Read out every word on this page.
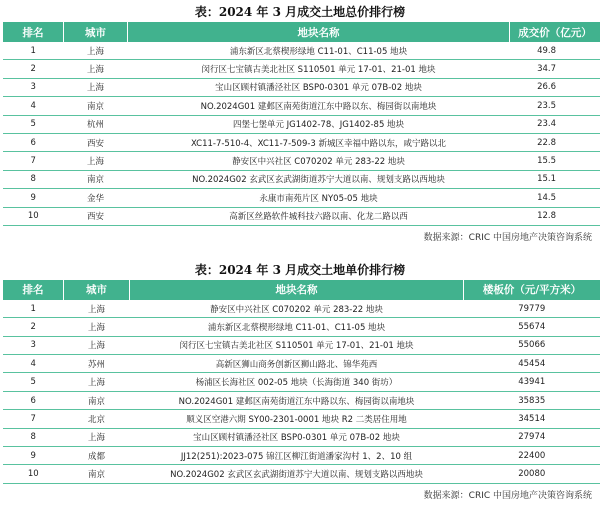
表：2024 年 3 月成交土地总价排行榜
排名	城市	地块名称	成交价（亿元）
1	上海	浦东新区北蔡楔形绿地 C11-01、C11-05 地块	49.8
2	上海	闵行区七宝镇古美北社区 S110501 单元 17-01、21-01 地块	34.7
3	上海	宝山区顾村镇潘泾社区 BSP0-0301 单元 07B-02 地块	26.6
4	南京	NO.2024G01 建邺区南苑街道江东中路以东、梅园街以南地块	23.5
5	杭州	四堡七堡单元 JG1402-78、JG1402-85 地块	23.4
6	西安	XC11-7-510-4、XC11-7-509-3 新城区幸福中路以东，咸宁路以北	22.8
7	上海	静安区中兴社区 C070202 单元 283-22 地块	15.5
8	南京	NO.2024G02 玄武区玄武湖街道苏宁大道以南、规划支路以西地块	15.1
9	金华	永康市南苑片区 NY05-05 地块	14.5
10	西安	高新区丝路软件城科技六路以南、化龙二路以西	12.8
数据来源：CRIC 中国房地产决策咨询系统
表：2024 年 3 月成交土地单价排行榜
排名	城市	地块名称	楼板价（元/平方米）
1	上海	静安区中兴社区 C070202 单元 283-22 地块	79779
2	上海	浦东新区北蔡楔形绿地 C11-01、C11-05 地块	55674
3	上海	闵行区七宝镇古美北社区 S110501 单元 17-01、21-01 地块	55066
4	苏州	高新区狮山商务创新区狮山路北、锦华苑西	45454
5	上海	杨浦区长海社区 002-05 地块（长海街道 340 街坊）	43941
6	南京	NO.2024G01 建邺区南苑街道江东中路以东、梅园街以南地块	35835
7	北京	顺义区空港六期 SY00-2301-0001 地块 R2 二类居住用地	34514
8	上海	宝山区顾村镇潘泾社区 BSP0-0301 单元 07B-02 地块	27974
9	成都	JJ12(251):2023-075 锦江区柳江街道潘家沟村 1、2、10 组	22400
10	南京	NO.2024G02 玄武区玄武湖街道苏宁大道以南、规划支路以西地块	20080
数据来源：CRIC 中国房地产决策咨询系统
